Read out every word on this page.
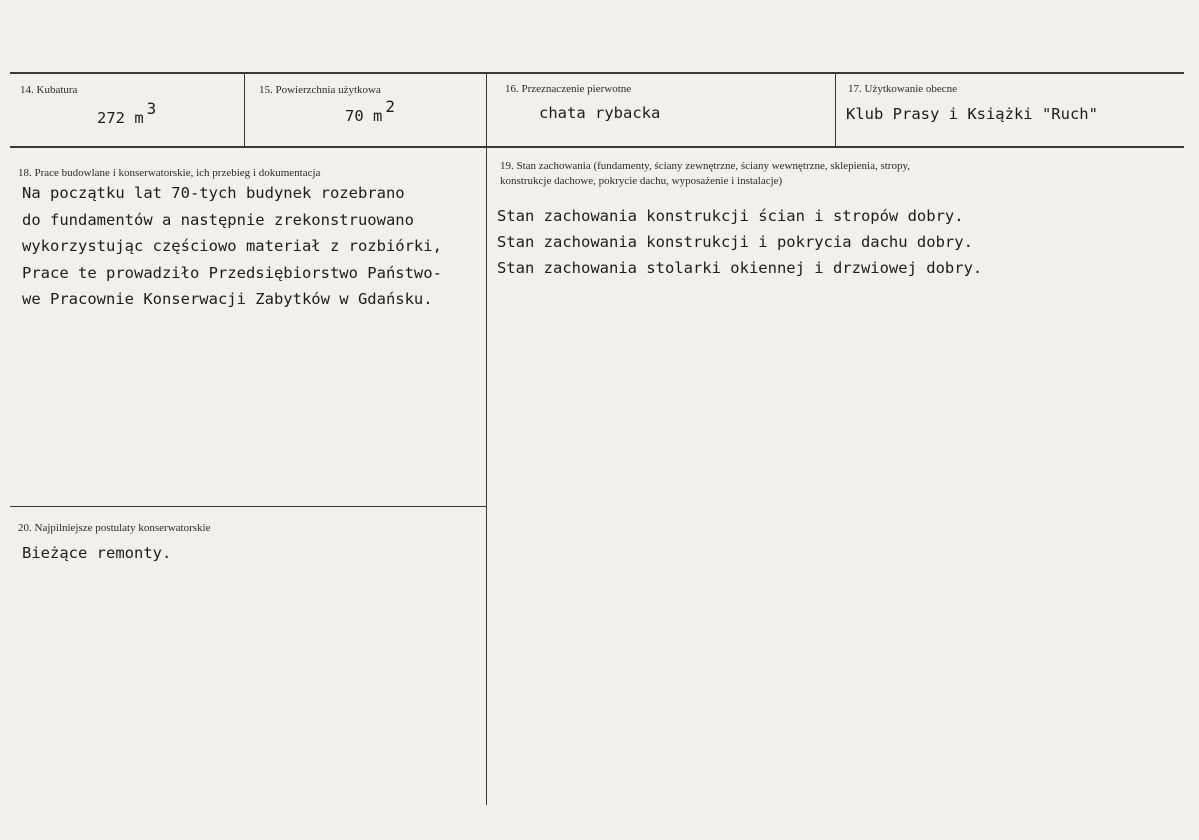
14. Kubatura
272 m 3
15. Powierzchnia użytkowa
70 m 2
16. Przeznaczenie pierwotne
chata rybacka
17. Użytkowanie obecne
Klub Prasy i Książki "Ruch"
18. Prace budowlane i konserwatorskie, ich przebieg i dokumentacja
Na początku lat 70-tych budynek rozebrano
do fundamentów a następnie zrekonstruowano
wykorzystując częściowo materiał z rozbiórki,
Prace te prowadziło Przedsiębiorstwo Państwo-
we Pracownie Konserwacji Zabytków w Gdańsku.
19. Stan zachowania (fundamenty, ściany zewnętrzne, ściany wewnętrzne, sklepienia, stropy,
konstrukcje dachowe, pokrycie dachu, wyposażenie i instalacje)
Stan zachowania konstrukcji ścian i stropów dobry.
Stan zachowania konstrukcji i pokrycia dachu dobry.
Stan zachowania stolarki okiennej i drzwiowej dobry.
20. Najpilniejsze postulaty konserwatorskie
Bieżące remonty.
